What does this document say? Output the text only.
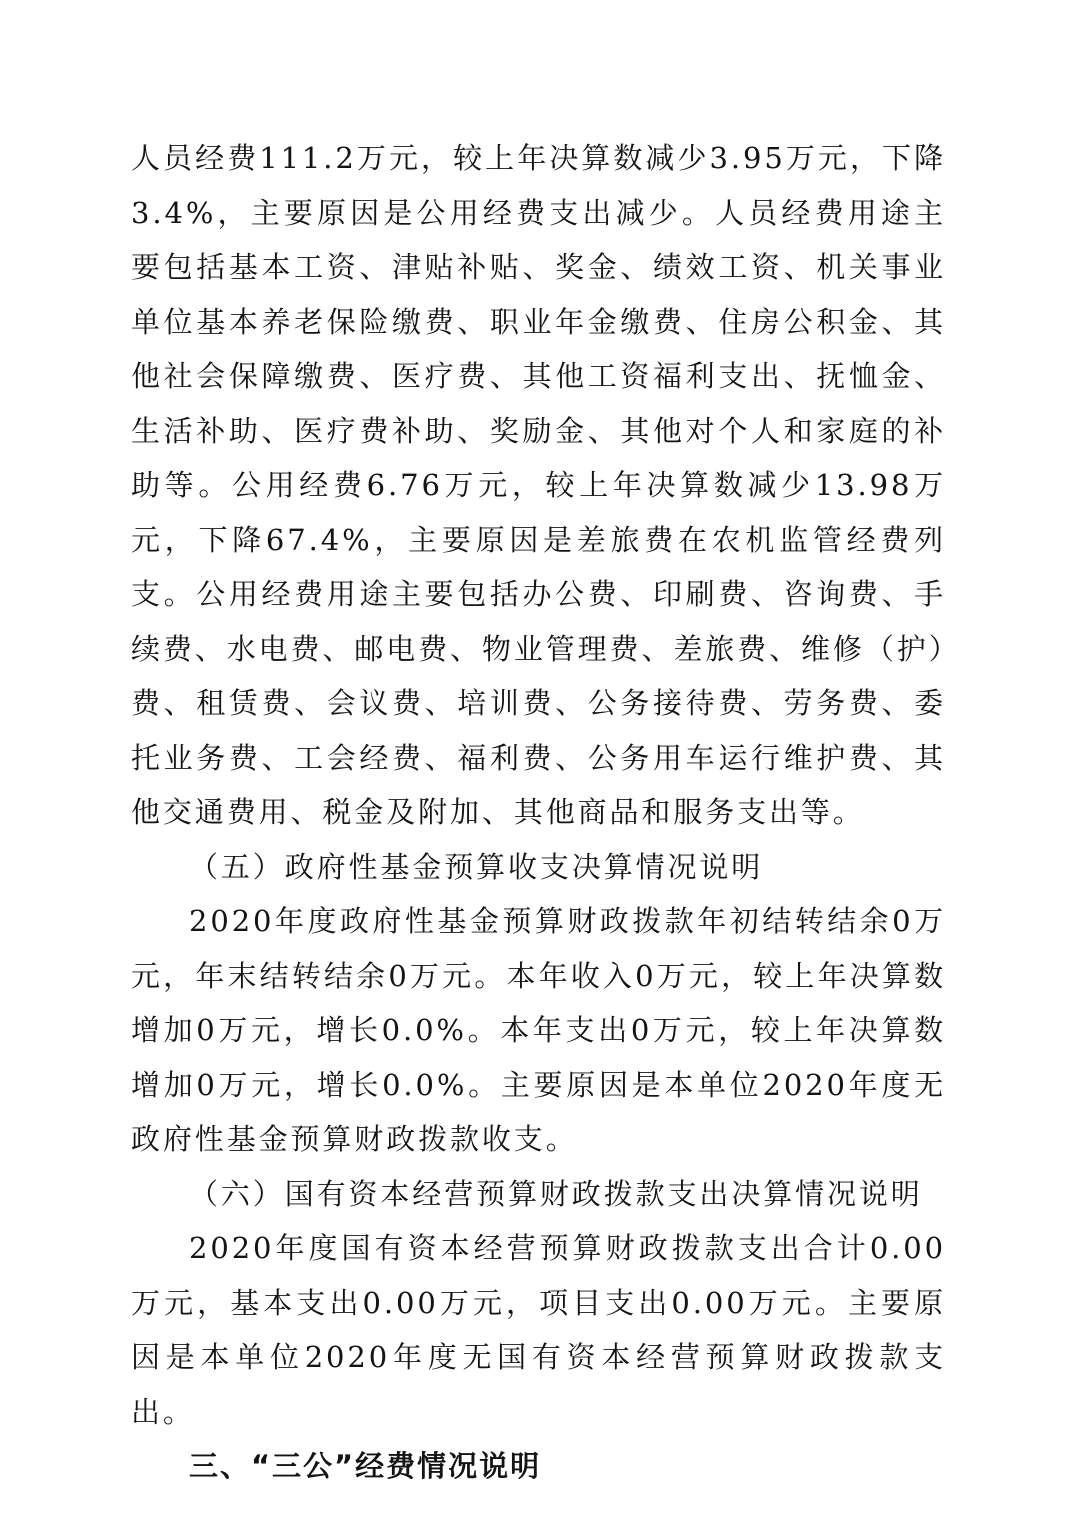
人员经费111.2万元，较上年决算数减少3.95万元，下降3.4%，主要原因是公用经费支出减少。人员经费用途主要包括基本工资、津贴补贴、奖金、绩效工资、机关事业单位基本养老保险缴费、职业年金缴费、住房公积金、其他社会保障缴费、医疗费、其他工资福利支出、抚恤金、生活补助、医疗费补助、奖励金、其他对个人和家庭的补助等。公用经费6.76万元，较上年决算数减少13.98万元，下降67.4%，主要原因是差旅费在农机监管经费列支。公用经费用途主要包括办公费、印刷费、咨询费、手续费、水电费、邮电费、物业管理费、差旅费、维修（护）费、租赁费、会议费、培训费、公务接待费、劳务费、委托业务费、工会经费、福利费、公务用车运行维护费、其他交通费用、税金及附加、其他商品和服务支出等。

（五）政府性基金预算收支决算情况说明

2020年度政府性基金预算财政拨款年初结转结余0万元，年末结转结余0万元。本年收入0万元，较上年决算数增加0万元，增长0.0%。本年支出0万元，较上年决算数增加0万元，增长0.0%。主要原因是本单位2020年度无政府性基金预算财政拨款收支。

（六）国有资本经营预算财政拨款支出决算情况说明

2020年度国有资本经营预算财政拨款支出合计0.00万元，基本支出0.00万元，项目支出0.00万元。主要原因是本单位2020年度无国有资本经营预算财政拨款支出。

三、“三公”经费情况说明
